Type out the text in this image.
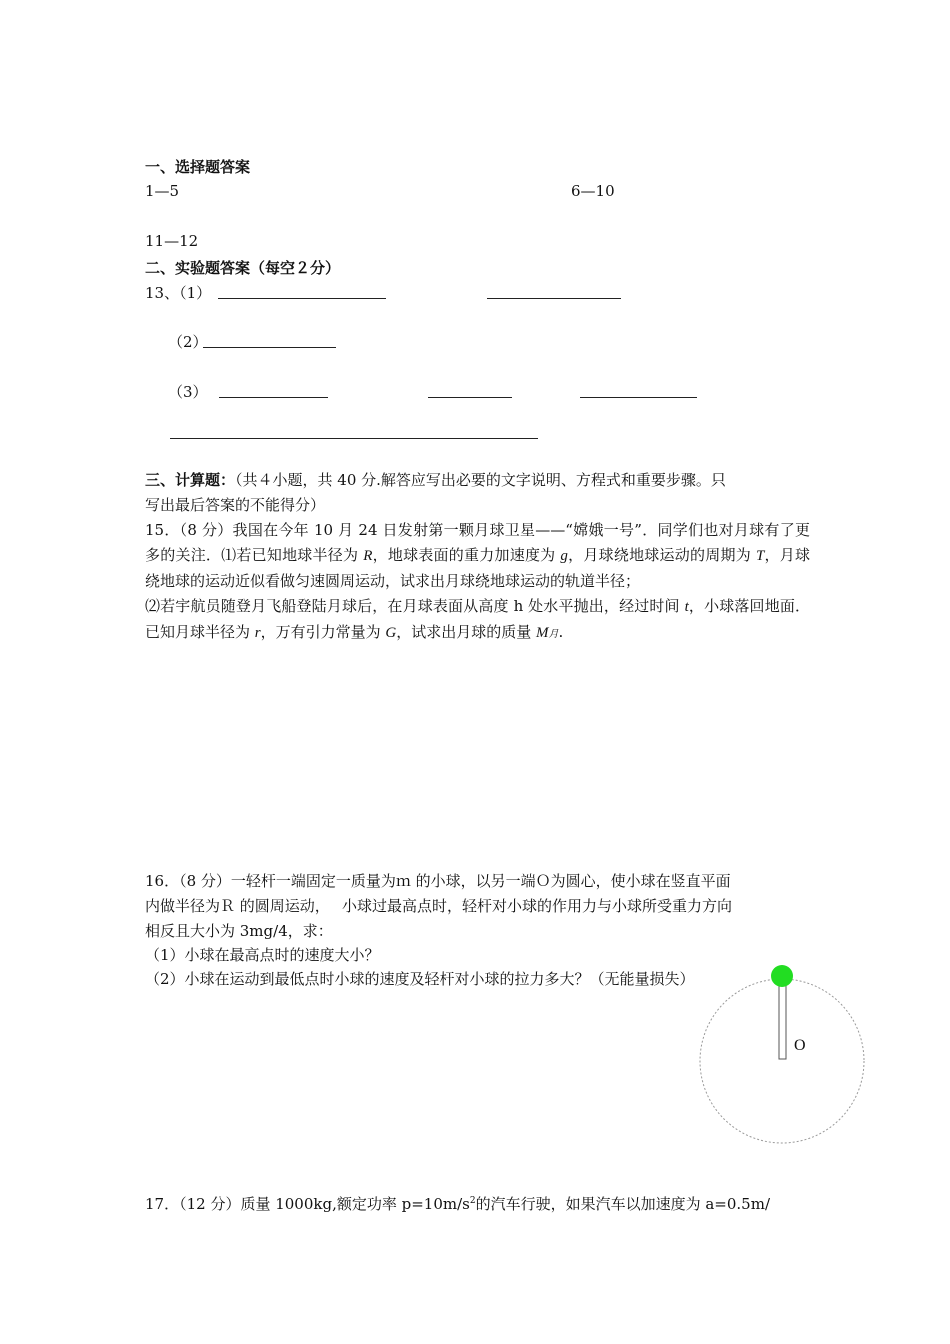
一、选择题答案
1—5	6—10
11—12
二、实验题答案（每空２分）
13、（1）
（2）
（3）
三、计算题：（共４小题，共 40 分.解答应写出必要的文字说明、方程式和重要步骤。只
写出最后答案的不能得分）

15．（8 分）我国在今年 10 月 24 日发射第一颗月球卫星——“嫦娥一号”．同学们也对月球有了更多的关注．⑴若已知地球半径为 R，地球表面的重力加速度为 g，月球绕地球运动的周期为 T，月球绕地球的运动近似看做匀速圆周运动，试求出月球绕地球运动的轨道半径；

⑵若宇航员随登月飞船登陆月球后，在月球表面从高度 h 处水平抛出，经过时间 t，小球落回地面．已知月球半径为 r，万有引力常量为 G，试求出月球的质量 M月.

16．（8 分）一轻杆一端固定一质量为ｍ 的小球，以另一端Ｏ为圆心，使小球在竖直平面
内做半径为Ｒ 的圆周运动，　 小球过最高点时，轻杆对小球的作用力与小球所受重力方向
相反且大小为 3mg/4，求：
（1）小球在最高点时的速度大小？
（2）小球在运动到最低点时小球的速度及轻杆对小球的拉力多大？（无能量损失）
O
17．（12 分）质量 1000kg,额定功率 $p=10m/s^2$的汽车行驶，如果汽车以加速度为 a=0.5m/
